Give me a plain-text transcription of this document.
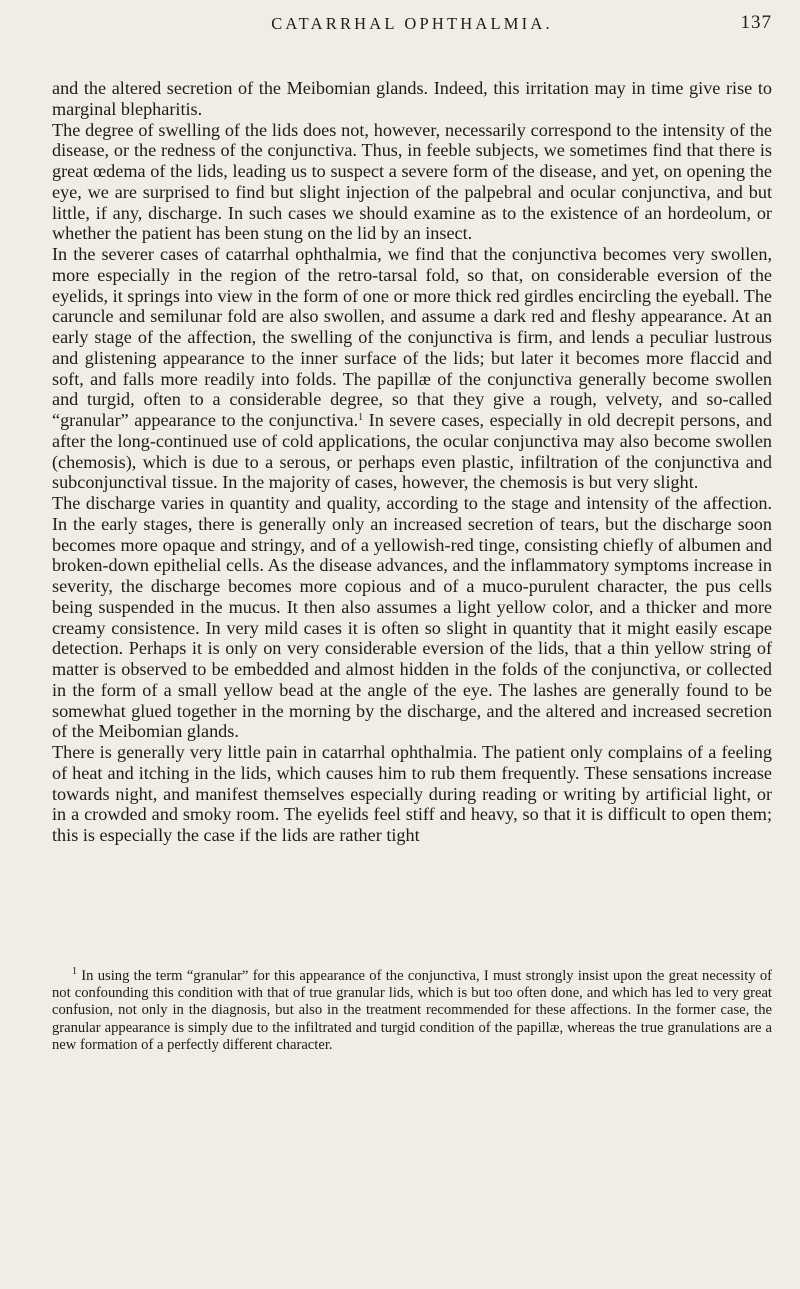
CATARRHAL OPHTHALMIA.	137

and the altered secretion of the Meibomian glands. Indeed, this irritation may in time give rise to marginal blepharitis.

The degree of swelling of the lids does not, however, necessarily correspond to the intensity of the disease, or the redness of the conjunctiva. Thus, in feeble subjects, we sometimes find that there is great œdema of the lids, leading us to suspect a severe form of the disease, and yet, on opening the eye, we are surprised to find but slight injection of the palpebral and ocular conjunctiva, and but little, if any, discharge. In such cases we should examine as to the existence of an hordeolum, or whether the patient has been stung on the lid by an insect.

In the severer cases of catarrhal ophthalmia, we find that the conjunctiva becomes very swollen, more especially in the region of the retro-tarsal fold, so that, on considerable eversion of the eyelids, it springs into view in the form of one or more thick red girdles encircling the eyeball. The caruncle and semilunar fold are also swollen, and assume a dark red and fleshy appearance. At an early stage of the affection, the swelling of the conjunctiva is firm, and lends a peculiar lustrous and glistening appearance to the inner surface of the lids; but later it becomes more flaccid and soft, and falls more readily into folds. The papillæ of the conjunctiva generally become swollen and turgid, often to a considerable degree, so that they give a rough, velvety, and so-called “granular” appearance to the conjunctiva.$^1$ In severe cases, especially in old decrepit persons, and after the long-continued use of cold applications, the ocular conjunctiva may also become swollen (chemosis), which is due to a serous, or perhaps even plastic, infiltration of the conjunctiva and subconjunctival tissue. In the majority of cases, however, the chemosis is but very slight.

The discharge varies in quantity and quality, according to the stage and intensity of the affection. In the early stages, there is generally only an increased secretion of tears, but the discharge soon becomes more opaque and stringy, and of a yellowish-red tinge, consisting chiefly of albumen and broken-down epithelial cells. As the disease advances, and the inflammatory symptoms increase in severity, the discharge becomes more copious and of a muco-purulent character, the pus cells being suspended in the mucus. It then also assumes a light yellow color, and a thicker and more creamy consistence. In very mild cases it is often so slight in quantity that it might easily escape detection. Perhaps it is only on very considerable eversion of the lids, that a thin yellow string of matter is observed to be embedded and almost hidden in the folds of the conjunctiva, or collected in the form of a small yellow bead at the angle of the eye. The lashes are generally found to be somewhat glued together in the morning by the discharge, and the altered and increased secretion of the Meibomian glands.

There is generally very little pain in catarrhal ophthalmia. The patient only complains of a feeling of heat and itching in the lids, which causes him to rub them frequently. These sensations increase towards night, and manifest themselves especially during reading or writing by artificial light, or in a crowded and smoky room. The eyelids feel stiff and heavy, so that it is difficult to open them; this is especially the case if the lids are rather tight

$^1$ In using the term “granular” for this appearance of the conjunctiva, I must strongly insist upon the great necessity of not confounding this condition with that of true granular lids, which is but too often done, and which has led to very great confusion, not only in the diagnosis, but also in the treatment recommended for these affections. In the former case, the granular appearance is simply due to the infiltrated and turgid condition of the papillæ, whereas the true granulations are a new formation of a perfectly different character.
